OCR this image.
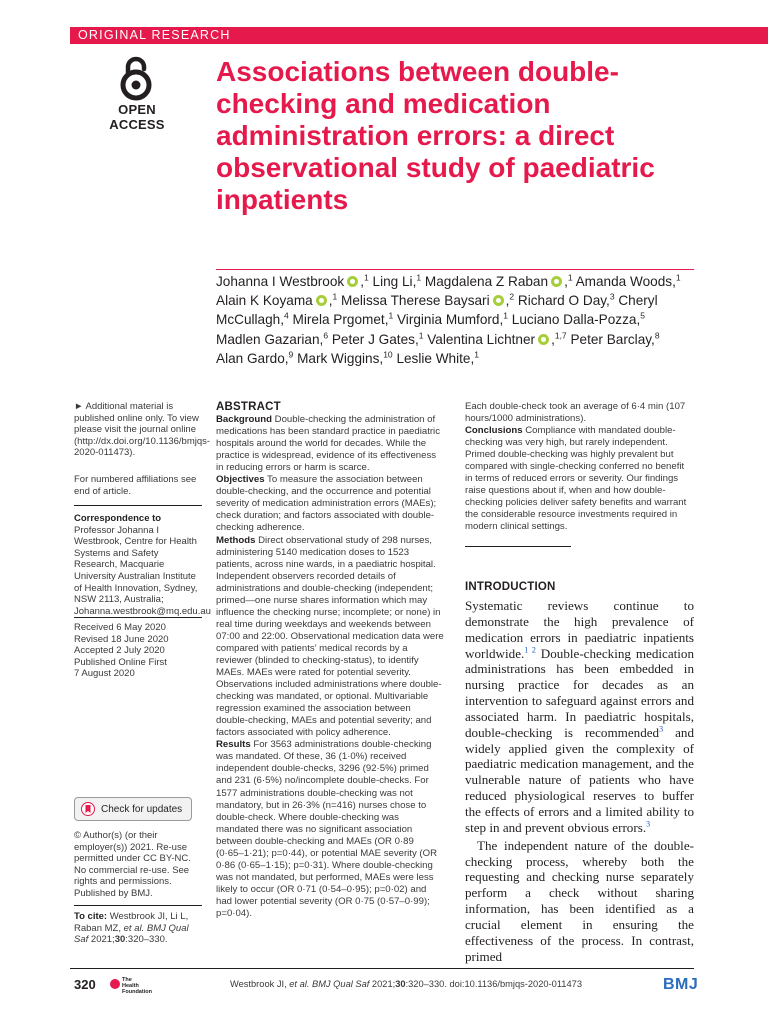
ORIGINAL RESEARCH
OPEN ACCESS
Associations between double-checking and medication administration errors: a direct observational study of paediatric inpatients
Johanna I Westbrook ,$^1$ Ling Li,$^1$ Magdalena Z Raban ,$^1$ Amanda Woods,$^1$ Alain K Koyama ,$^1$ Melissa Therese Baysari ,$^2$ Richard O Day,$^3$ Cheryl McCullagh,$^4$ Mirela Prgomet,$^1$ Virginia Mumford,$^1$ Luciano Dalla-Pozza,$^5$ Madlen Gazarian,$^6$ Peter J Gates,$^1$ Valentina Lichtner ,$^{1,7}$ Peter Barclay,$^8$ Alan Gardo,$^9$ Mark Wiggins,$^{10}$ Leslie White,$^1$
► Additional material is published online only. To view please visit the journal online (http://dx.doi.org/10.1136/bmjqs-2020-011473).
For numbered affiliations see end of article.
Correspondence to
Professor Johanna I Westbrook, Centre for Health Systems and Safety Research, Macquarie University Australian Institute of Health Innovation, Sydney, NSW 2113, Australia; Johanna.westbrook@mq.edu.au
Received 6 May 2020
Revised 18 June 2020
Accepted 2 July 2020
Published Online First
7 August 2020
Check for updates
© Author(s) (or their employer(s)) 2021. Re-use permitted under CC BY-NC. No commercial re-use. See rights and permissions. Published by BMJ.
To cite: Westbrook JI, Li L, Raban MZ, et al. BMJ Qual Saf 2021;30:320–330.
ABSTRACT

Background Double-checking the administration of medications has been standard practice in paediatric hospitals around the world for decades. While the practice is widespread, evidence of its effectiveness in reducing errors or harm is scarce.

Objectives To measure the association between double-checking, and the occurrence and potential severity of medication administration errors (MAEs); check duration; and factors associated with double-checking adherence.

Methods Direct observational study of 298 nurses, administering 5140 medication doses to 1523 patients, across nine wards, in a paediatric hospital. Independent observers recorded details of administrations and double-checking (independent; primed—one nurse shares information which may influence the checking nurse; incomplete; or none) in real time during weekdays and weekends between 07:00 and 22:00. Observational medication data were compared with patients’ medical records by a reviewer (blinded to checking-status), to identify MAEs. MAEs were rated for potential severity. Observations included administrations where double-checking was mandated, or optional. Multivariable regression examined the association between double-checking, MAEs and potential severity; and factors associated with policy adherence.

Results For 3563 administrations double-checking was mandated. Of these, 36 (1·0%) received independent double-checks, 3296 (92·5%) primed and 231 (6·5%) no/incomplete double-checks. For 1577 administrations double-checking was not mandatory, but in 26·3% (n=416) nurses chose to double-check. Where double-checking was mandated there was no significant association between double-checking and MAEs (OR 0·89 (0·65–1·21); p=0·44), or potential MAE severity (OR 0·86 (0·65–1·15); p=0·31). Where double-checking was not mandated, but performed, MAEs were less likely to occur (OR 0·71 (0·54–0·95); p=0·02) and had lower potential severity (OR 0·75 (0·57–0·99); p=0·04).

Each double-check took an average of 6·4 min (107 hours/1000 administrations).

Conclusions Compliance with mandated double-checking was very high, but rarely independent. Primed double-checking was highly prevalent but compared with single-checking conferred no benefit in terms of reduced errors or severity. Our findings raise questions about if, when and how double-checking policies deliver safety benefits and warrant the considerable resource investments required in modern clinical settings.

INTRODUCTION

Systematic reviews continue to demonstrate the high prevalence of medication errors in paediatric inpatients worldwide.$^{1 2}$ Double-checking medication administrations has been embedded in nursing practice for decades as an intervention to safeguard against errors and associated harm. In paediatric hospitals, double-checking is recommended$^3$ and widely applied given the complexity of paediatric medication management, and the vulnerable nature of patients who have reduced physiological reserves to buffer the effects of errors and a limited ability to step in and prevent obvious errors.$^3$

The independent nature of the double-checking process, whereby both the requesting and checking nurse separately perform a check without sharing information, has been identified as a crucial element in ensuring the effectiveness of the process. In contrast, primed

320	The
Health
Foundation
Westbrook JI, et al. BMJ Qual Saf 2021;30:320–330. doi:10.1136/bmjqs-2020-011473	BMJ
